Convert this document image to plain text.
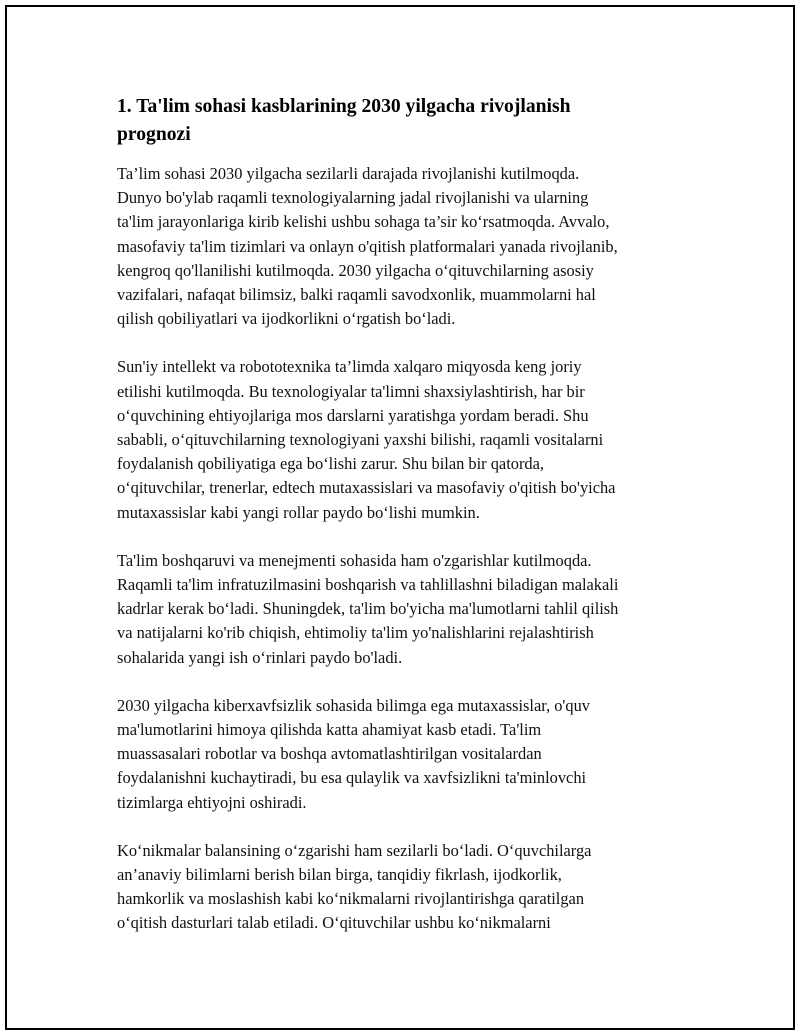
1. Ta'lim sohasi kasblarining 2030 yilgacha rivojlanish
prognozi

Ta’lim sohasi 2030 yilgacha sezilarli darajada rivojlanishi kutilmoqda.
Dunyo bo'ylab raqamli texnologiyalarning jadal rivojlanishi va ularning
ta'lim jarayonlariga kirib kelishi ushbu sohaga ta’sir ko‘rsatmoqda. Avvalo,
masofaviy ta'lim tizimlari va onlayn o'qitish platformalari yanada rivojlanib,
kengroq qo'llanilishi kutilmoqda. 2030 yilgacha o‘qituvchilarning asosiy
vazifalari, nafaqat bilimsiz, balki raqamli savodxonlik, muammolarni hal
qilish qobiliyatlari va ijodkorlikni o‘rgatish bo‘ladi.

Sun'iy intellekt va robototexnika ta’limda xalqaro miqyosda keng joriy
etilishi kutilmoqda. Bu texnologiyalar ta'limni shaxsiylashtirish, har bir
o‘quvchining ehtiyojlariga mos darslarni yaratishga yordam beradi. Shu
sababli, o‘qituvchilarning texnologiyani yaxshi bilishi, raqamli vositalarni
foydalanish qobiliyatiga ega bo‘lishi zarur. Shu bilan bir qatorda,
o‘qituvchilar, trenerlar, edtech mutaxassislari va masofaviy o'qitish bo'yicha
mutaxassislar kabi yangi rollar paydo bo‘lishi mumkin.

Ta'lim boshqaruvi va menejmenti sohasida ham o'zgarishlar kutilmoqda.
Raqamli ta'lim infratuzilmasini boshqarish va tahlillashni biladigan malakali
kadrlar kerak bo‘ladi. Shuningdek, ta'lim bo'yicha ma'lumotlarni tahlil qilish
va natijalarni ko'rib chiqish, ehtimoliy ta'lim yo'nalishlarini rejalashtirish
sohalarida yangi ish o‘rinlari paydo bo'ladi.

2030 yilgacha kiberxavfsizlik sohasida bilimga ega mutaxassislar, o'quv
ma'lumotlarini himoya qilishda katta ahamiyat kasb etadi. Ta'lim
muassasalari robotlar va boshqa avtomatlashtirilgan vositalardan
foydalanishni kuchaytiradi, bu esa qulaylik va xavfsizlikni ta'minlovchi
tizimlarga ehtiyojni oshiradi.

Ko‘nikmalar balansining o‘zgarishi ham sezilarli bo‘ladi. O‘quvchilarga
an’anaviy bilimlarni berish bilan birga, tanqidiy fikrlash, ijodkorlik,
hamkorlik va moslashish kabi ko‘nikmalarni rivojlantirishga qaratilgan
o‘qitish dasturlari talab etiladi. O‘qituvchilar ushbu ko‘nikmalarni
